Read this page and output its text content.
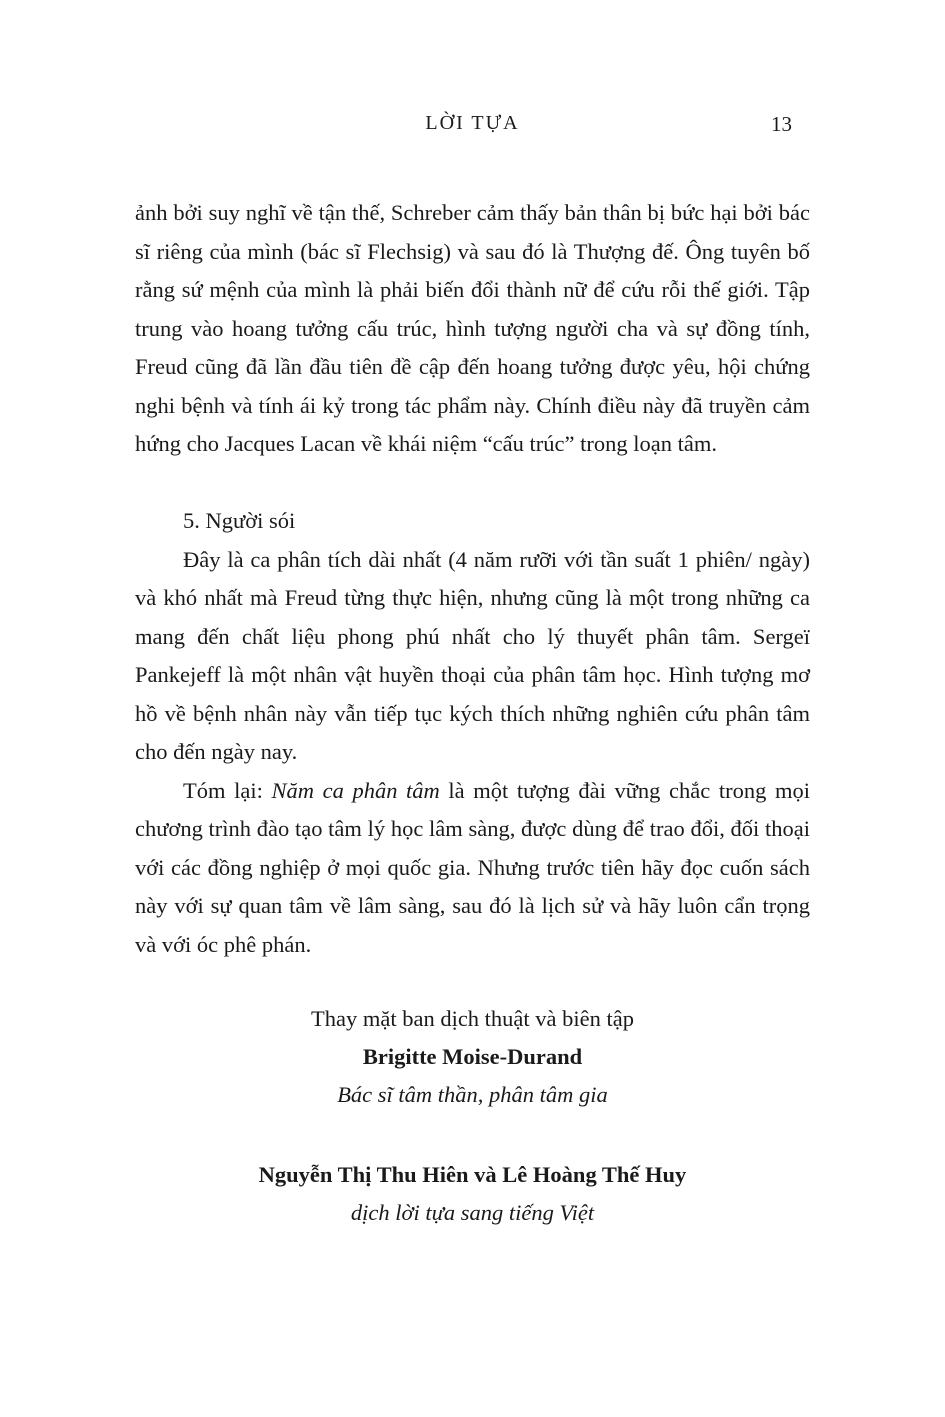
LỜI TỰA	13

ảnh bởi suy nghĩ về tận thế, Schreber cảm thấy bản thân bị bức hại bởi bác sĩ riêng của mình (bác sĩ Flechsig) và sau đó là Thượng đế. Ông tuyên bố rằng sứ mệnh của mình là phải biến đổi thành nữ để cứu rỗi thế giới. Tập trung vào hoang tưởng cấu trúc, hình tượng người cha và sự đồng tính, Freud cũng đã lần đầu tiên đề cập đến hoang tưởng được yêu, hội chứng nghi bệnh và tính ái kỷ trong tác phẩm này. Chính điều này đã truyền cảm hứng cho Jacques Lacan về khái niệm “cấu trúc” trong loạn tâm.

5. Người sói

Đây là ca phân tích dài nhất (4 năm rưỡi với tần suất 1 phiên/ ngày) và khó nhất mà Freud từng thực hiện, nhưng cũng là một trong những ca mang đến chất liệu phong phú nhất cho lý thuyết phân tâm. Sergeï Pankejeff là một nhân vật huyền thoại của phân tâm học. Hình tượng mơ hồ về bệnh nhân này vẫn tiếp tục kých thích những nghiên cứu phân tâm cho đến ngày nay.

Tóm lại: Năm ca phân tâm là một tượng đài vững chắc trong mọi chương trình đào tạo tâm lý học lâm sàng, được dùng để trao đổi, đối thoại với các đồng nghiệp ở mọi quốc gia. Nhưng trước tiên hãy đọc cuốn sách này với sự quan tâm về lâm sàng, sau đó là lịch sử và hãy luôn cẩn trọng và với óc phê phán.

Thay mặt ban dịch thuật và biên tập
Brigitte Moise-Durand
Bác sĩ tâm thần, phân tâm gia
Nguyễn Thị Thu Hiên và Lê Hoàng Thế Huy
dịch lời tựa sang tiếng Việt
